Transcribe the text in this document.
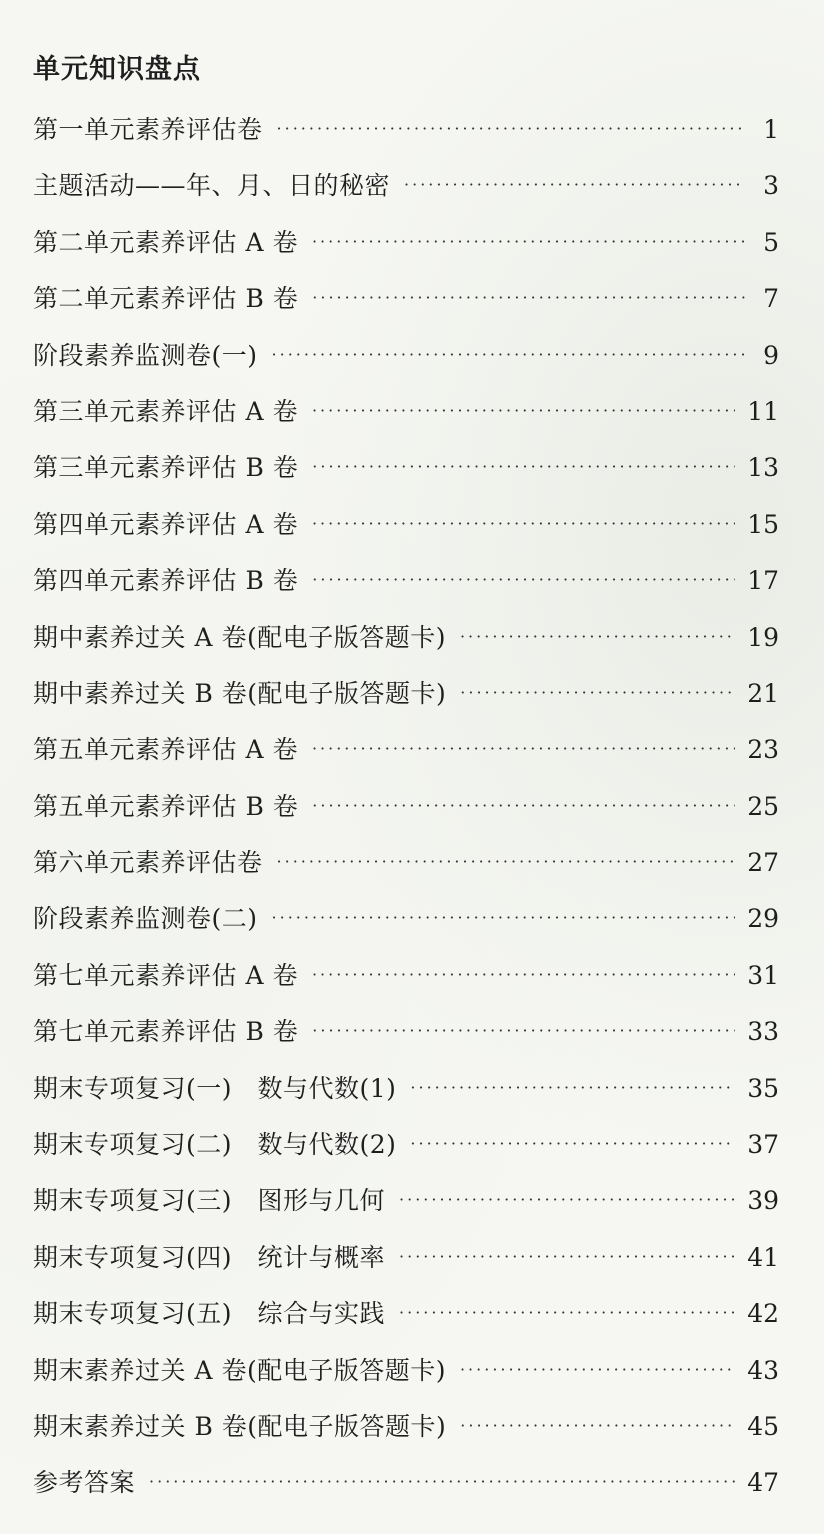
单元知识盘点
第一单元素养评估卷 ·····	1
主题活动——年、月、日的秘密 ·····	3
第二单元素养评估 A 卷 ·····	5
第二单元素养评估 B 卷 ·····	7
阶段素养监测卷(一) ·····	9
第三单元素养评估 A 卷 ·····	11
第三单元素养评估 B 卷 ·····	13
第四单元素养评估 A 卷 ·····	15
第四单元素养评估 B 卷 ·····	17
期中素养过关 A 卷(配电子版答题卡) ·····	19
期中素养过关 B 卷(配电子版答题卡) ·····	21
第五单元素养评估 A 卷 ·····	23
第五单元素养评估 B 卷 ·····	25
第六单元素养评估卷 ·····	27
阶段素养监测卷(二) ·····	29
第七单元素养评估 A 卷 ·····	31
第七单元素养评估 B 卷 ·····	33
期末专项复习(一)　数与代数(1) ·····	35
期末专项复习(二)　数与代数(2) ·····	37
期末专项复习(三)　图形与几何 ·····	39
期末专项复习(四)　统计与概率 ·····	41
期末专项复习(五)　综合与实践 ·····	42
期末素养过关 A 卷(配电子版答题卡) ·····	43
期末素养过关 B 卷(配电子版答题卡) ·····	45
参考答案 ·····	47
